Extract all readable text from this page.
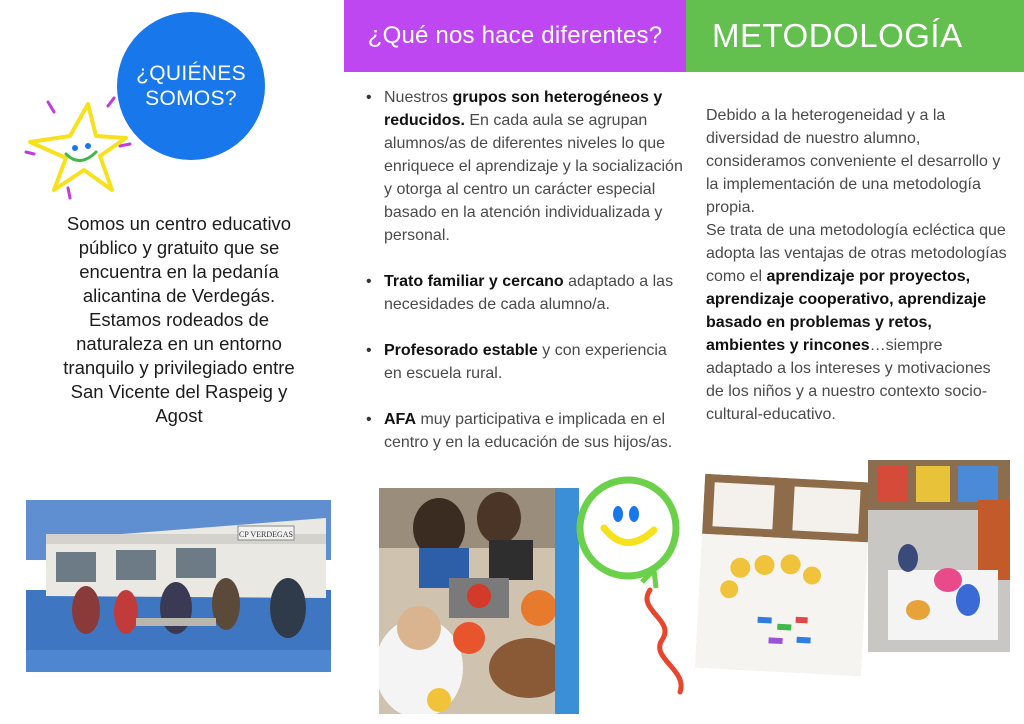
¿QUIÉNES SOMOS?
Somos un centro educativo público y gratuito que se encuentra en la pedanía alicantina de Verdegás. Estamos rodeados de naturaleza en un entorno tranquilo y privilegiado entre San Vicente del Raspeig y Agost
CP VERDEGAS
¿Qué nos hace diferentes?
• Nuestros grupos son heterogéneos y reducidos. En cada aula se agrupan alumnos/as de diferentes niveles lo que enriquece el aprendizaje y la socialización y otorga al centro un carácter especial basado en la atención individualizada y personal.
• Trato familiar y cercano adaptado a las necesidades de cada alumno/a.
• Profesorado estable y con experiencia en escuela rural.
• AFA muy participativa e implicada en el centro y en la educación de sus hijos/as.
METODOLOGÍA
Debido a la heterogeneidad y a la diversidad de nuestro alumno, consideramos conveniente el desarrollo y la implementación de una metodología propia.
Se trata de una metodología ecléctica que adopta las ventajas de otras metodologías como el aprendizaje por proyectos, aprendizaje cooperativo, aprendizaje basado en problemas y retos, ambientes y rincones…siempre adaptado a los intereses y motivaciones de los niños y a nuestro contexto socio-cultural-educativo.
